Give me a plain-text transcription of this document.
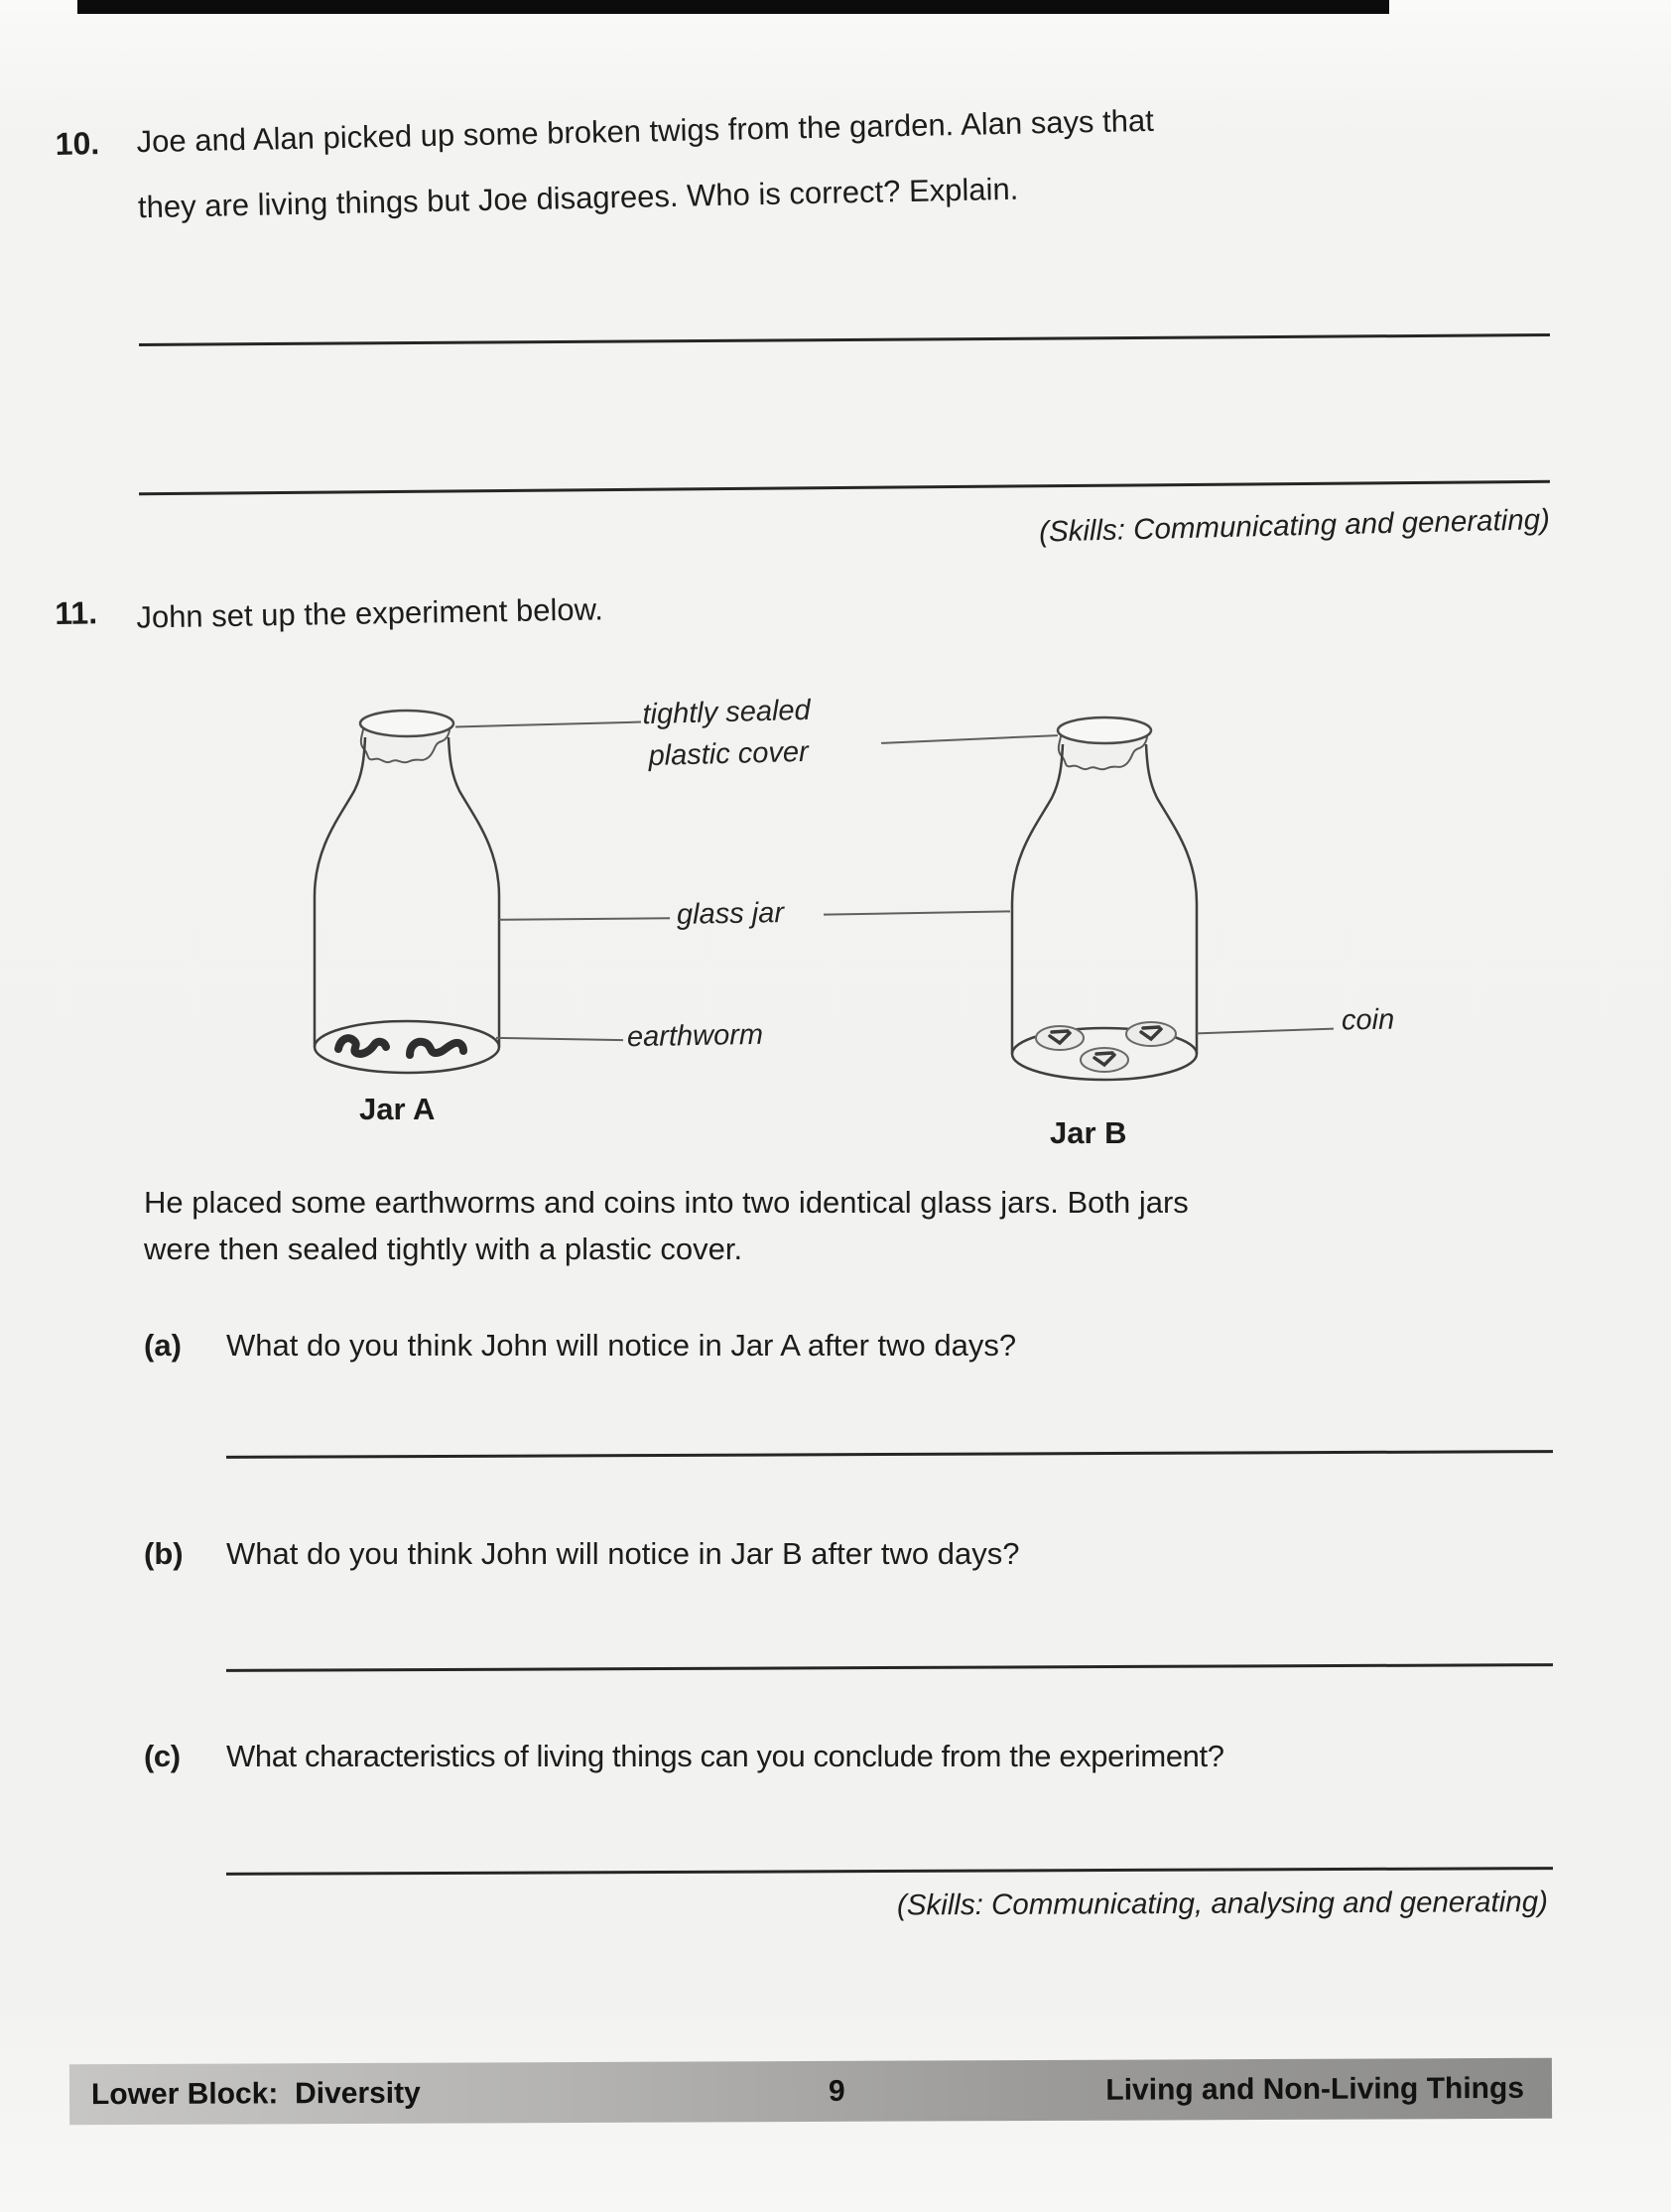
10. Joe and Alan picked up some broken twigs from the garden. Alan says that
they are living things but Joe disagrees. Who is correct? Explain.
(Skills: Communicating and generating)
11. John set up the experiment below.
tightly sealed
plastic cover
glass jar
earthworm	coin
Jar A
Jar B
He placed some earthworms and coins into two identical glass jars. Both jars
were then sealed tightly with a plastic cover.
(a) What do you think John will notice in Jar A after two days?
(b) What do you think John will notice in Jar B after two days?
(c) What characteristics of living things can you conclude from the experiment?
(Skills: Communicating, analysing and generating)
Lower Block:  Diversity	9	Living and Non-Living Things
